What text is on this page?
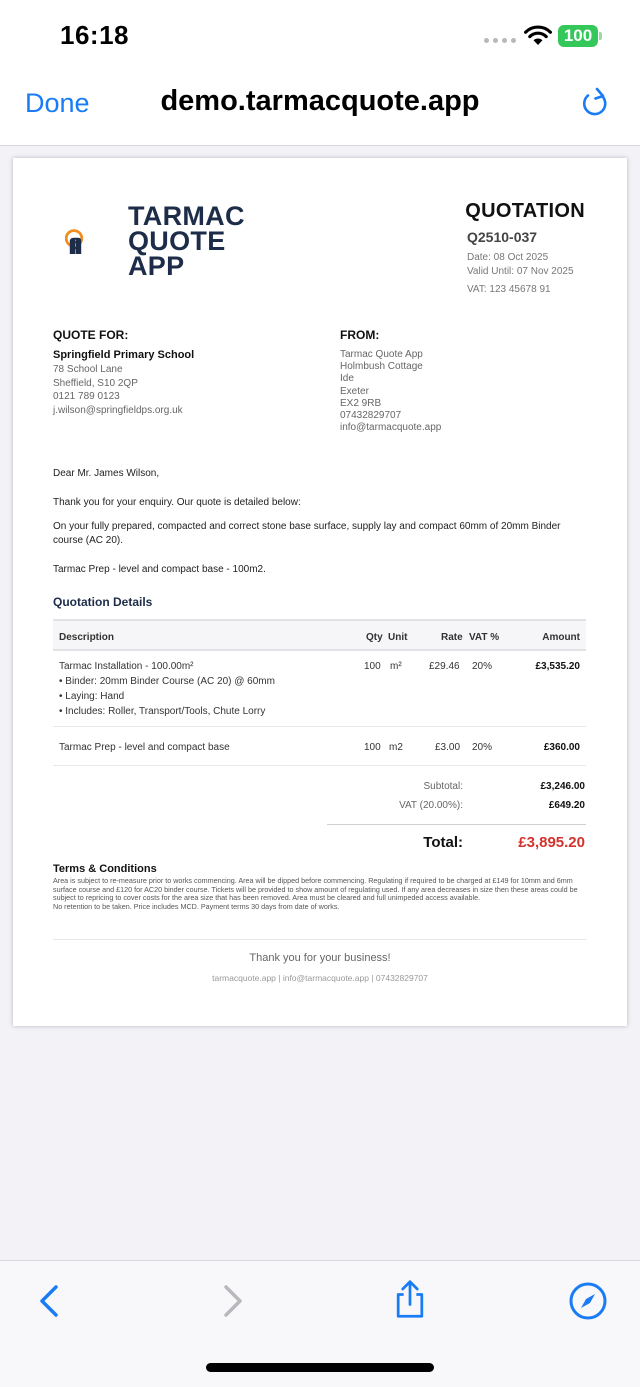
16:18	100
Done	demo.tarmacquote.app
TARMAC
QUOTE
APP
QUOTATION
Q2510-037
Date: 08 Oct 2025
Valid Until: 07 Nov 2025
VAT: 123 45678 91
QUOTE FOR:
Springfield Primary School
78 School Lane
Sheffield, S10 2QP
0121 789 0123
j.wilson@springfieldps.org.uk
FROM:
Tarmac Quote App
Holmbush Cottage
Ide
Exeter
EX2 9RB
07432829707
info@tarmacquote.app
Dear Mr. James Wilson,
Thank you for your enquiry. Our quote is detailed below:
On your fully prepared, compacted and correct stone base surface, supply lay and compact 60mm of 20mm Binder course (AC 20).
Tarmac Prep - level and compact base - 100m2.
Quotation Details
Description	Qty Unit	Rate VAT %	Amount
Tarmac Installation - 100.00m²
• Binder: 20mm Binder Course (AC 20) @ 60mm
• Laying: Hand
• Includes: Roller, Transport/Tools, Chute Lorry
100 m²	£29.46 20%	£3,535.20
Tarmac Prep - level and compact base	100 m2	£3.00 20%	£360.00
Subtotal:	£3,246.00
VAT (20.00%):	£649.20
Total:	£3,895.20
Terms & Conditions
Area is subject to re-measure prior to works commencing. Area will be dipped before commencing. Regulating if required to be charged at £149 for 10mm and 6mm surface course and £120 for AC20 binder course. Tickets will be provided to show amount of regulating used. If any area decreases in size then these areas could be subject to repricing to cover costs for the area size that has been removed. Area must be cleared and full unimpeded access available.
No retention to be taken. Price includes MCD. Payment terms 30 days from date of works.
Thank you for your business!
tarmacquote.app | info@tarmacquote.app | 07432829707
